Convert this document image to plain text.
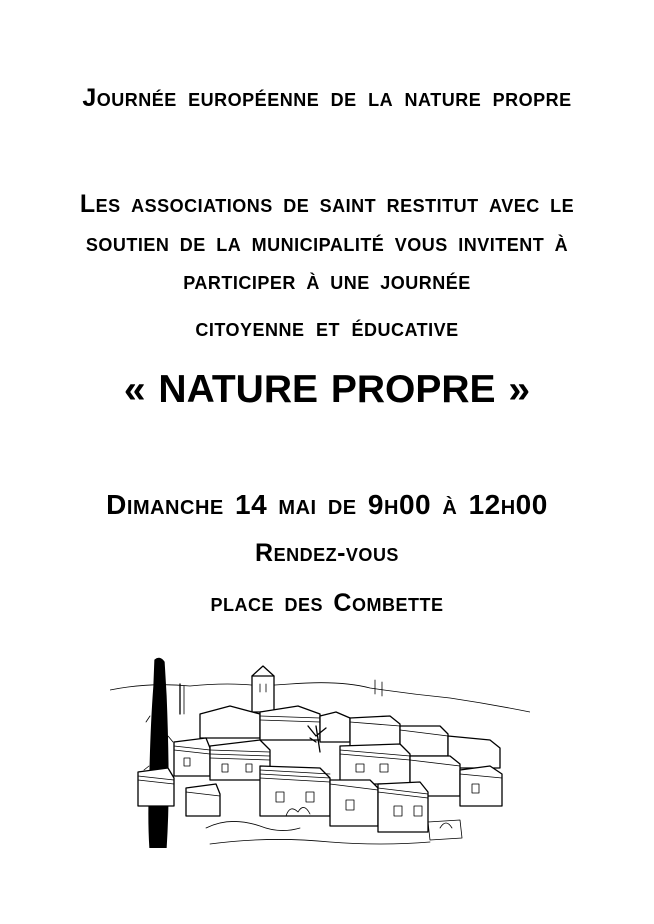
Journée européenne de la nature propre
Les associations de saint restitut avec le
soutien de la municipalité vous invitent à
participer à une journée
citoyenne et éducative
« NATURE PROPRE »
Dimanche 14 mai de 9h00 à 12h00
Rendez-vous
place des Combette
